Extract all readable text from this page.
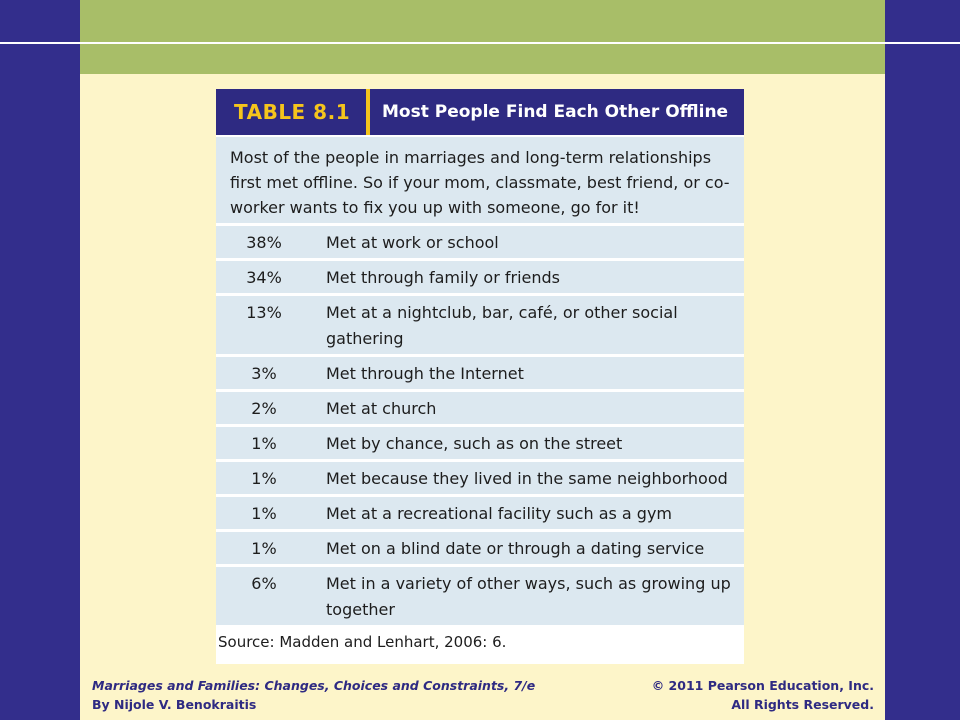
TABLE 8.1	Most People Find Each Other Offline
Most of the people in marriages and long-term relationships first met offline. So if your mom, classmate, best friend, or co-worker wants to fix you up with someone, go for it!
38%	Met at work or school
34%	Met through family or friends
13%	Met at a nightclub, bar, café, or other social gathering
3%	Met through the Internet
2%	Met at church
1%	Met by chance, such as on the street
1%	Met because they lived in the same neighborhood
1%	Met at a recreational facility such as a gym
1%	Met on a blind date or through a dating service
6%	Met in a variety of other ways, such as growing up together
Source: Madden and Lenhart, 2006: 6.
Marriages and Families: Changes, Choices and Constraints, 7/e
By Nijole V. Benokraitis
© 2011 Pearson Education, Inc.
All Rights Reserved.
